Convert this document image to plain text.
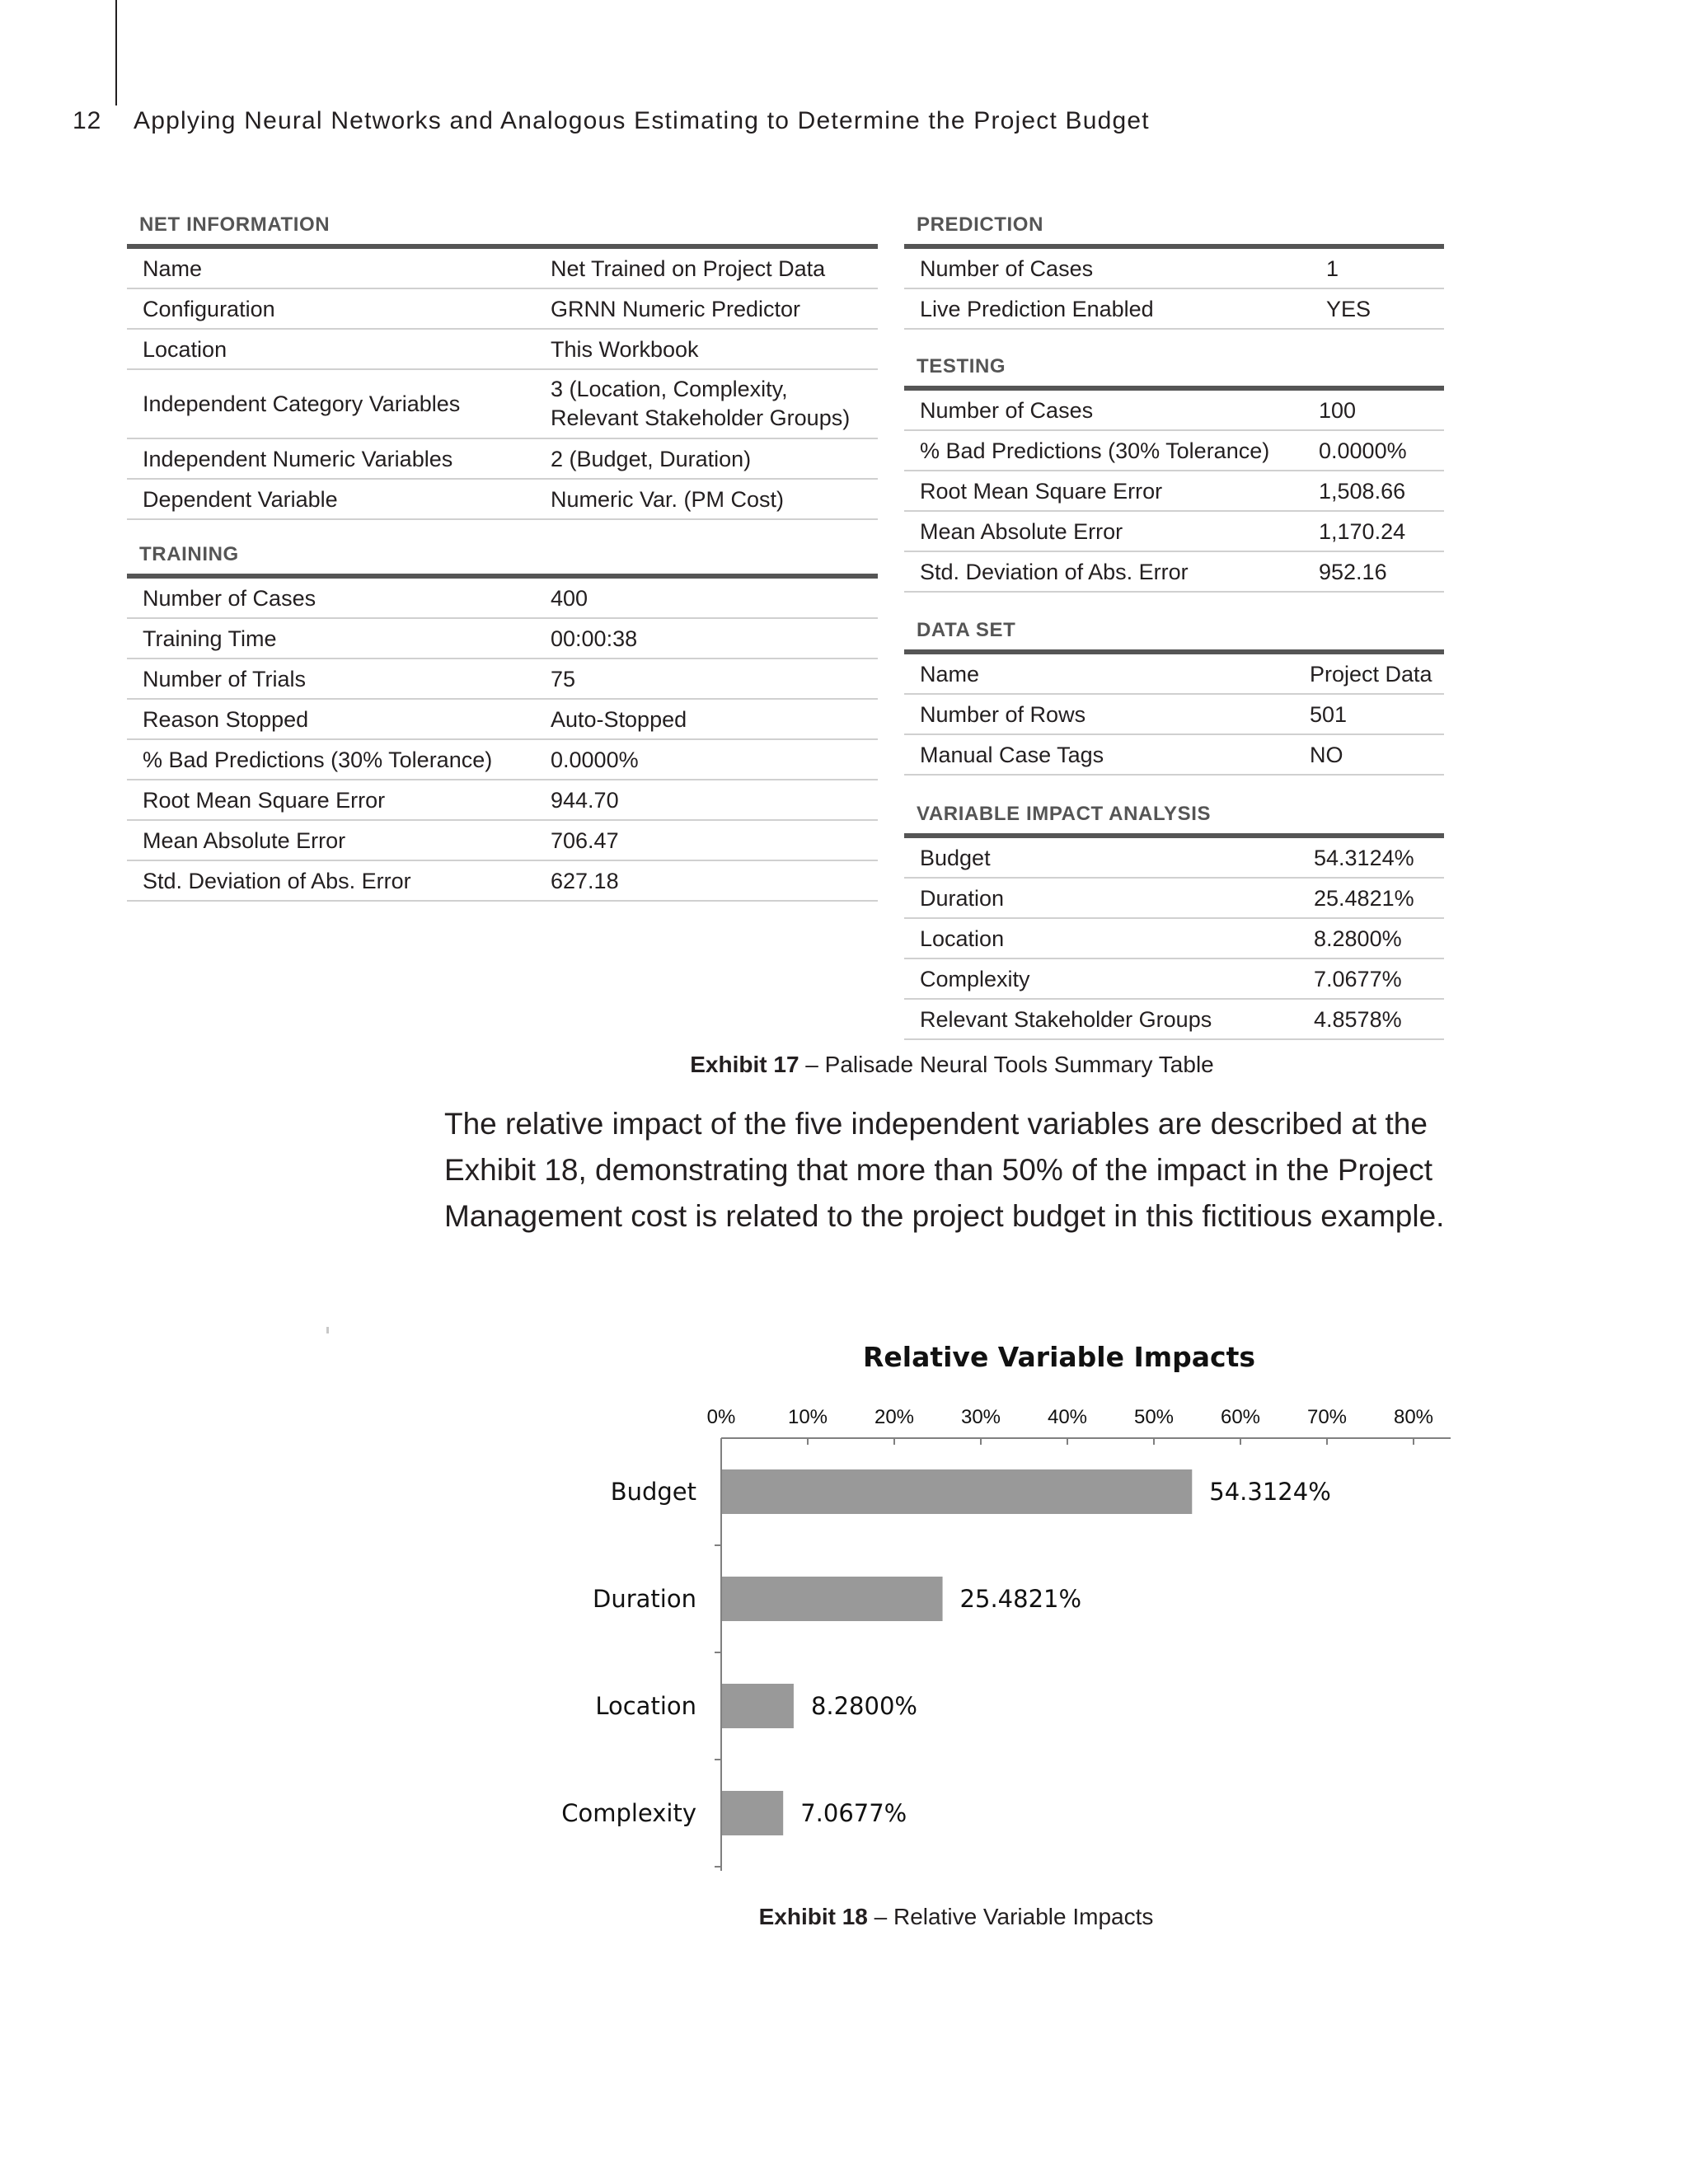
12 Applying Neural Networks and Analogous Estimating to Determine the Project Budget
NET INFORMATION
Name	Net Trained on Project Data
Configuration	GRNN Numeric Predictor
Location	This Workbook
Independent Category Variables
3 (Location, Complexity,
Relevant Stakeholder Groups)
Independent Numeric Variables	2 (Budget, Duration)
Dependent Variable	Numeric Var. (PM Cost)
TRAINING
Number of Cases	400
Training Time	00:00:38
Number of Trials	75
Reason Stopped	Auto-Stopped
% Bad Predictions (30% Tolerance)	0.0000%
Root Mean Square Error	944.70
Mean Absolute Error	706.47
Std. Deviation of Abs. Error	627.18
PREDICTION
Number of Cases	1
Live Prediction Enabled	YES
TESTING
Number of Cases	100
% Bad Predictions (30% Tolerance) 0.0000%
Root Mean Square Error	1,508.66
Mean Absolute Error	1,170.24
Std. Deviation of Abs. Error	952.16
DATA SET
Name	Project Data
Number of Rows	501
Manual Case Tags	NO
VARIABLE IMPACT ANALYSIS
Budget	54.3124%
Duration	25.4821%
Location	8.2800%
Complexity	7.0677%
Relevant Stakeholder Groups	4.8578%
Exhibit 17 – Palisade Neural Tools Summary Table
The relative impact of the five independent variables are described at the Exhibit 18, demonstrating that more than 50% of the impact in the Project Management cost is related to the project budget in this fictitious example.
Relative Variable Impacts
0%	10% 20% 30% 40% 50% 60% 70% 80%
Budget	54.3124%
Duration	25.4821%
Location	8.2800%
Complexity	7.0677%
Exhibit 18 – Relative Variable Impacts
